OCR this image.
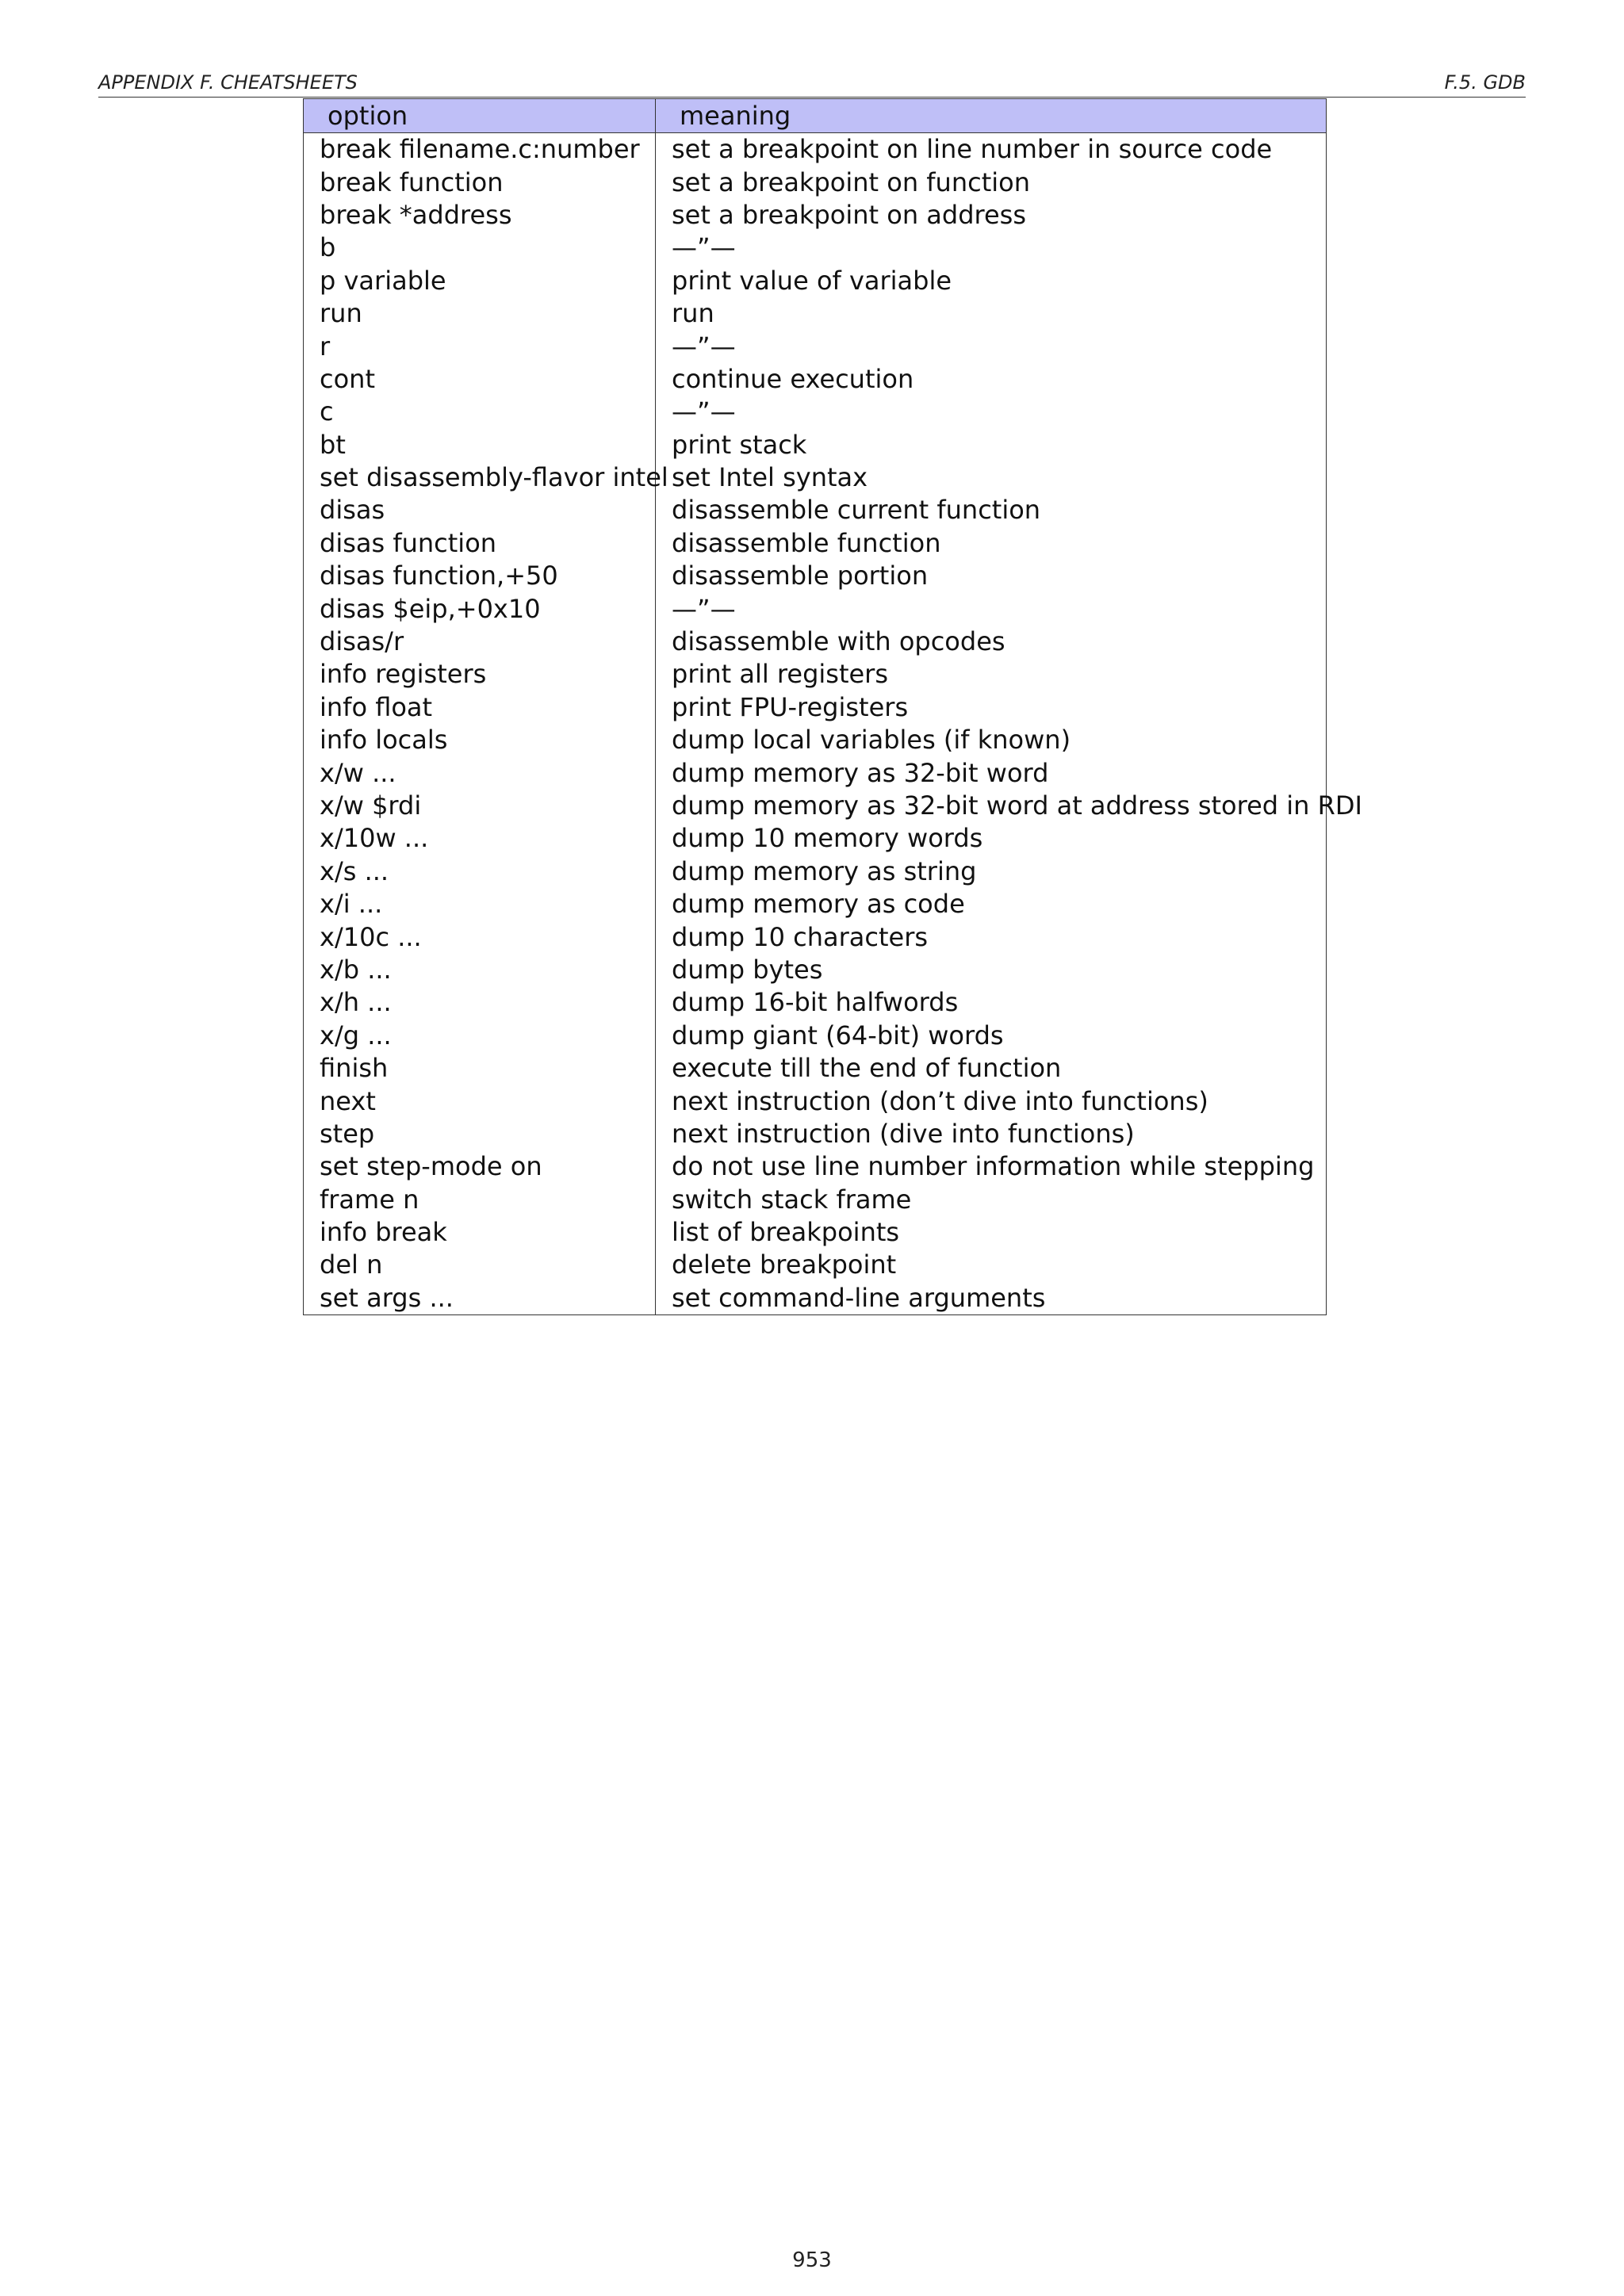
APPENDIX F. CHEATSHEETS	F.5. GDB
option	meaning
break filename.c:number	set a breakpoint on line number in source code
break function	set a breakpoint on function
break *address	set a breakpoint on address
b	—”—
p variable	print value of variable
run	run
r	—”—
cont	continue execution
c	—”—
bt	print stack
set disassembly-flavor intel	set Intel syntax
disas	disassemble current function
disas function	disassemble function
disas function,+50	disassemble portion
disas $eip,+0x10	—”—
disas/r	disassemble with opcodes
info registers	print all registers
info float	print FPU-registers
info locals	dump local variables (if known)
x/w ...	dump memory as 32-bit word
x/w $rdi	dump memory as 32-bit word at address stored in RDI
x/10w ...	dump 10 memory words
x/s ...	dump memory as string
x/i ...	dump memory as code
x/10c ...	dump 10 characters
x/b ...	dump bytes
x/h ...	dump 16-bit halfwords
x/g ...	dump giant (64-bit) words
finish	execute till the end of function
next	next instruction (don’t dive into functions)
step	next instruction (dive into functions)
set step-mode on	do not use line number information while stepping
frame n	switch stack frame
info break	list of breakpoints
del n	delete breakpoint
set args ...	set command-line arguments
953
